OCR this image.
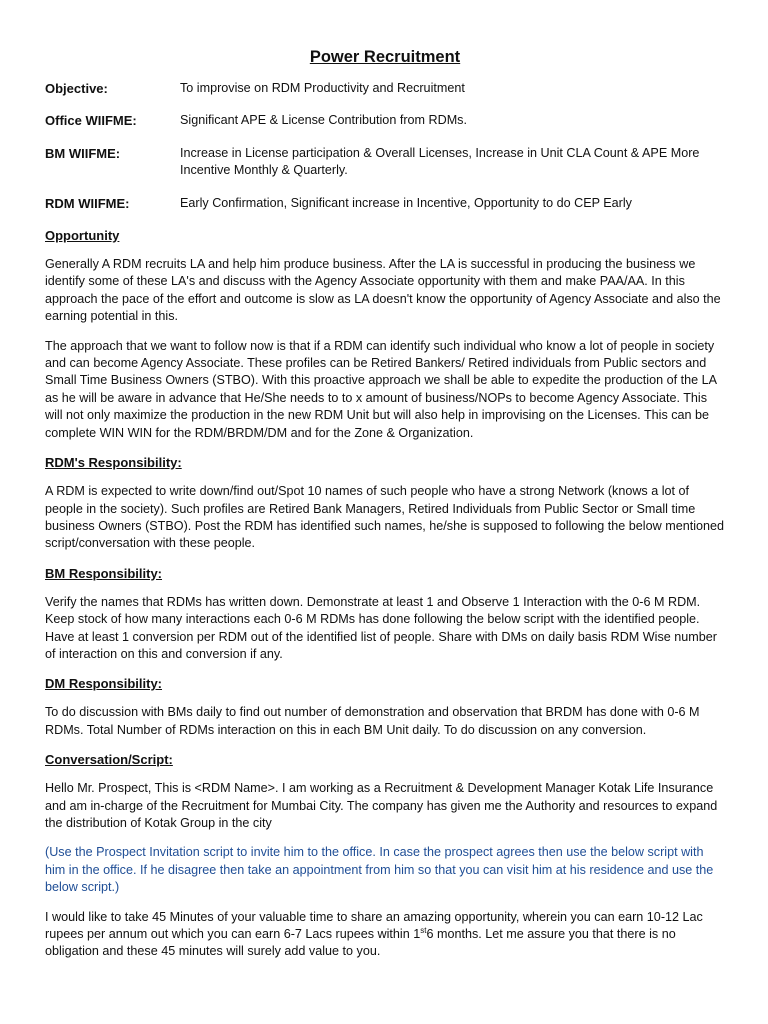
Power Recruitment
Objective:	To improvise on RDM Productivity and Recruitment
Office WIIFME:	Significant APE & License Contribution from RDMs.
BM WIIFME:	Increase in License participation & Overall Licenses, Increase in Unit CLA Count & APE More Incentive Monthly & Quarterly.
RDM WIIFME:	Early Confirmation, Significant increase in Incentive, Opportunity to do CEP Early
Opportunity

Generally A RDM recruits LA and help him produce business. After the LA is successful in producing the business we identify some of these LA's and discuss with the Agency Associate opportunity with them and make PAA/AA. In this approach the pace of the effort and outcome is slow as LA doesn't know the opportunity of Agency Associate and also the earning potential in this.

The approach that we want to follow now is that if a RDM can identify such individual who know a lot of people in society and can become Agency Associate. These profiles can be Retired Bankers/ Retired individuals from Public sectors and Small Time Business Owners (STBO). With this proactive approach we shall be able to expedite the production of the LA as he will be aware in advance that He/She needs to to x amount of business/NOPs to become Agency Associate. This will not only maximize the production in the new RDM Unit but will also help in improvising on the Licenses. This can be complete WIN WIN for the RDM/BRDM/DM and for the Zone & Organization.

RDM's Responsibility:

A RDM is expected to write down/find out/Spot 10 names of such people who have a strong Network (knows a lot of people in the society). Such profiles are Retired Bank Managers, Retired Individuals from Public Sector or Small time business Owners (STBO). Post the RDM has identified such names, he/she is supposed to following the below mentioned script/conversation with these people.

BM Responsibility:

Verify the names that RDMs has written down. Demonstrate at least 1 and Observe 1 Interaction with the 0-6 M RDM. Keep stock of how many interactions each 0-6 M RDMs has done following the below script with the identified people. Have at least 1 conversion per RDM out of the identified list of people. Share with DMs on daily basis RDM Wise number of interaction on this and conversion if any.

DM Responsibility:

To do discussion with BMs daily to find out number of demonstration and observation that BRDM has done with 0-6 M RDMs. Total Number of RDMs interaction on this in each BM Unit daily. To do discussion on any conversion.

Conversation/Script:

Hello Mr. Prospect, This is <RDM Name>. I am working as a Recruitment & Development Manager Kotak Life Insurance and am in-charge of the Recruitment for Mumbai City. The company has given me the Authority and resources to expand the distribution of Kotak Group in the city

(Use the Prospect Invitation script to invite him to the office. In case the prospect agrees then use the below script with him in the office. If he disagree then take an appointment from him so that you can visit him at his residence and use the below script.)

I would like to take 45 Minutes of your valuable time to share an amazing opportunity, wherein you can earn 10-12 Lac rupees per annum out which you can earn 6-7 Lacs rupees within 1st6 months. Let me assure you that there is no obligation and these 45 minutes will surely add value to you.
